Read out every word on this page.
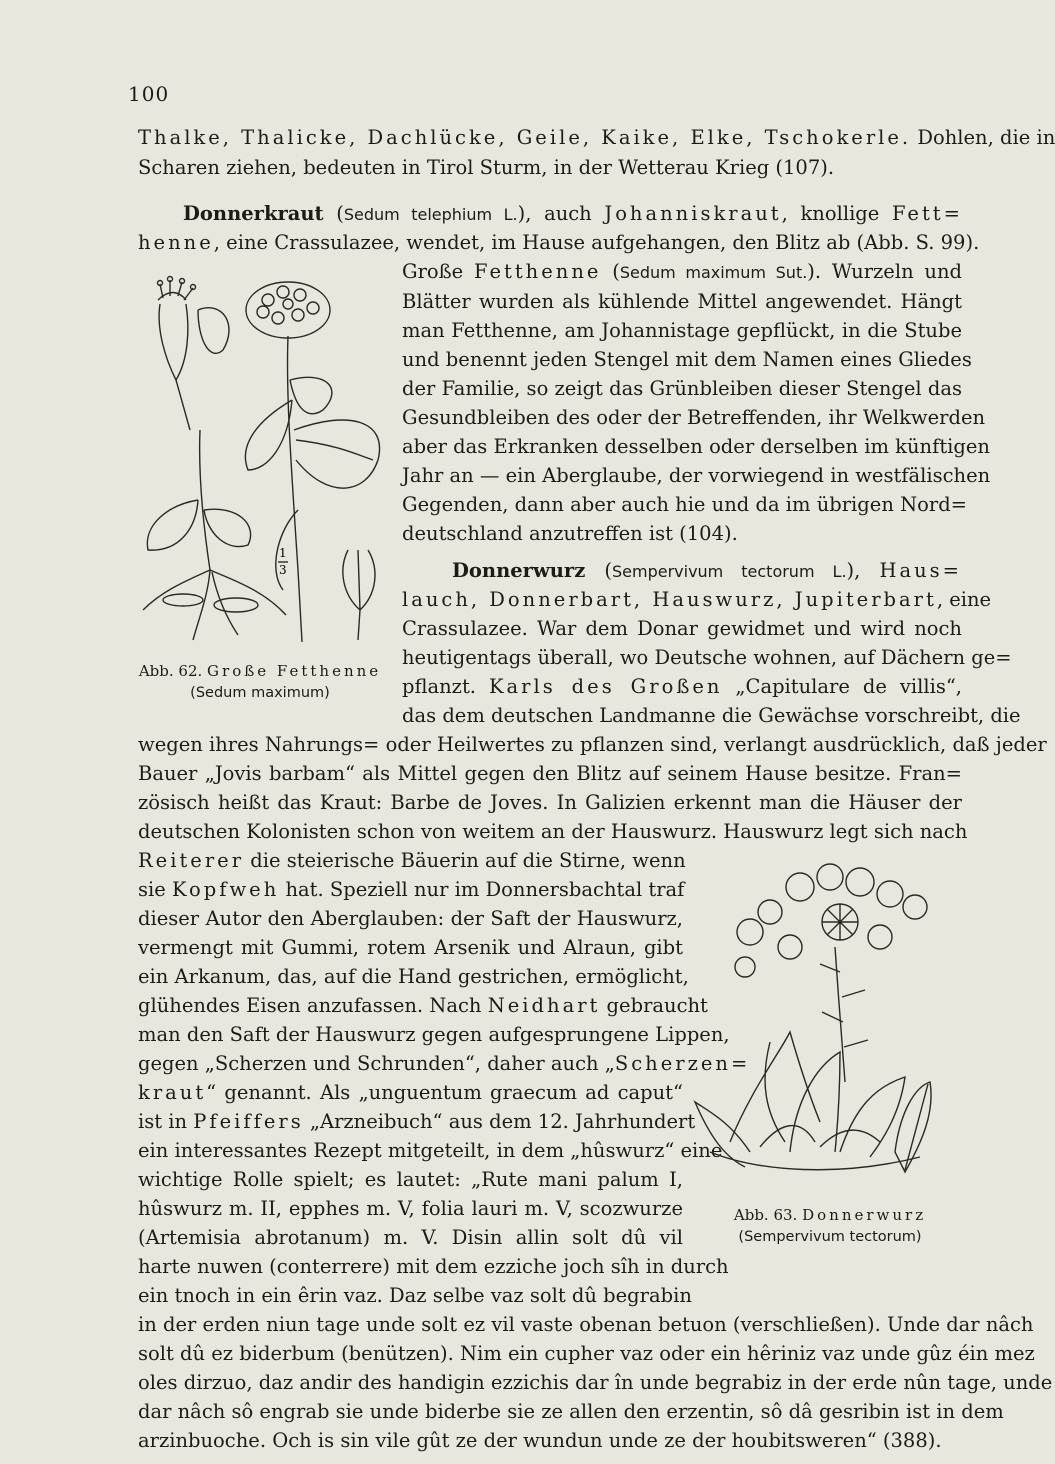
100
Thalke, Thalicke, Dachlücke, Geile, Kaike, Elke, Tschokerle. Dohlen, die in
Scharen ziehen, bedeuten in Tirol Sturm, in der Wetterau Krieg (107).
Donnerkraut (Sedum telephium L.), auch Johanniskraut, knollige Fett=
henne, eine Crassulazee, wendet, im Hause aufgehangen, den Blitz ab (Abb. S. 99).
Große Fetthenne (Sedum maximum Sut.). Wurzeln und
Blätter wurden als kühlende Mittel angewendet. Hängt
man Fetthenne, am Johannistage gepflückt, in die Stube
und benennt jeden Stengel mit dem Namen eines Gliedes
der Familie, so zeigt das Grünbleiben dieser Stengel das
Gesundbleiben des oder der Betreffenden, ihr Welkwerden
aber das Erkranken desselben oder derselben im künftigen
Jahr an — ein Aberglaube, der vorwiegend in westfälischen
Gegenden, dann aber auch hie und da im übrigen Nord=
deutschland anzutreffen ist (104).
Donnerwurz (Sempervivum tectorum L.), Haus=
lauch, Donnerbart, Hauswurz, Jupiterbart, eine
Crassulazee. War dem Donar gewidmet und wird noch
heutigentags überall, wo Deutsche wohnen, auf Dächern ge=
pflanzt. Karls des Großen „Capitulare de villis“,
das dem deutschen Landmanne die Gewächse vorschreibt, die
wegen ihres Nahrungs= oder Heilwertes zu pflanzen sind, verlangt ausdrücklich, daß jeder
Bauer „Jovis barbam“ als Mittel gegen den Blitz auf seinem Hause besitze. Fran=
zösisch heißt das Kraut: Barbe de Joves. In Galizien erkennt man die Häuser der
deutschen Kolonisten schon von weitem an der Hauswurz. Hauswurz legt sich nach
Reiterer die steierische Bäuerin auf die Stirne, wenn
sie Kopfweh hat. Speziell nur im Donnersbachtal traf
dieser Autor den Aberglauben: der Saft der Hauswurz,
vermengt mit Gummi, rotem Arsenik und Alraun, gibt
ein Arkanum, das, auf die Hand gestrichen, ermöglicht,
glühendes Eisen anzufassen. Nach Neidhart gebraucht
man den Saft der Hauswurz gegen aufgesprungene Lippen,
gegen „Scherzen und Schrunden“, daher auch „Scherzen=
kraut“ genannt. Als „unguentum graecum ad caput“
ist in Pfeiffers „Arzneibuch“ aus dem 12. Jahrhundert
ein interessantes Rezept mitgeteilt, in dem „hûswurz“ eine
wichtige Rolle spielt; es lautet: „Rute mani palum I,
hûswurz m. II, epphes m. V, folia lauri m. V, scozwurze
(Artemisia abrotanum) m. V. Disin allin solt dû vil
harte nuwen (conterrere) mit dem ezziche joch sîh in durch
ein tnoch in ein êrin vaz. Daz selbe vaz solt dû begrabin
in der erden niun tage unde solt ez vil vaste obenan betuon (verschließen). Unde dar nâch
solt dû ez biderbum (benützen). Nim ein cupher vaz oder ein hêriniz vaz unde gûz éin mez
oles dirzuo, daz andir des handigin ezzichis dar în unde begrabiz in der erde nûn tage, unde
dar nâch sô engrab sie unde biderbe sie ze allen den erzentin, sô dâ gesribin ist in dem
arzinbuoche. Och is sin vile gût ze der wundun unde ze der houbitsweren“ (388).
1
3
Abb. 62. Große Fetthenne
(Sedum maximum)
Abb. 63. Donnerwurz
(Sempervivum tectorum)
